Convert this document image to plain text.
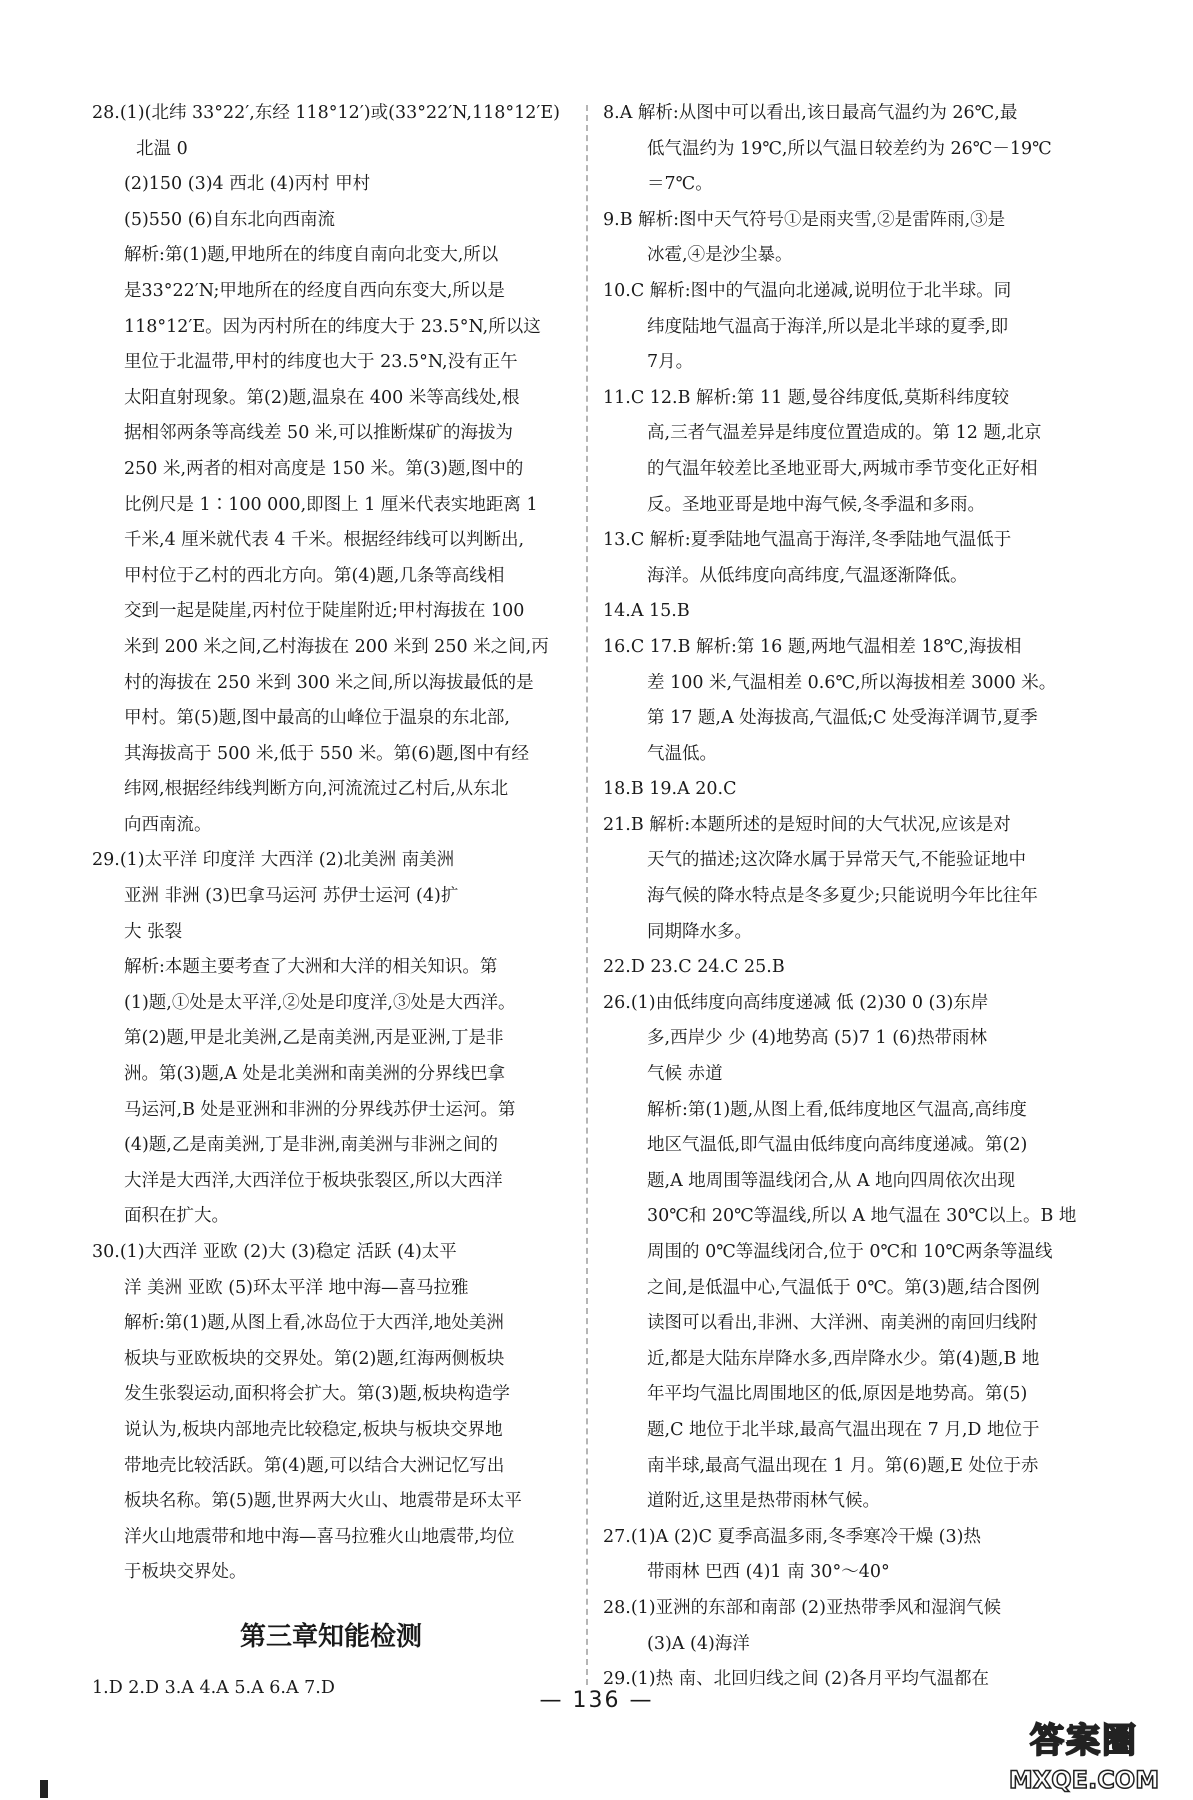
28.(1)(北纬 33°22′,东经 118°12′)或(33°22′N,118°12′E)
北温 0
(2)150 (3)4 西北 (4)丙村 甲村
(5)550 (6)自东北向西南流
解析:第(1)题,甲地所在的纬度自南向北变大,所以
是33°22′N;甲地所在的经度自西向东变大,所以是
118°12′E。因为丙村所在的纬度大于 23.5°N,所以这
里位于北温带,甲村的纬度也大于 23.5°N,没有正午
太阳直射现象。第(2)题,温泉在 400 米等高线处,根
据相邻两条等高线差 50 米,可以推断煤矿的海拔为
250 米,两者的相对高度是 150 米。第(3)题,图中的
比例尺是 1∶100 000,即图上 1 厘米代表实地距离 1
千米,4 厘米就代表 4 千米。根据经纬线可以判断出,
甲村位于乙村的西北方向。第(4)题,几条等高线相
交到一起是陡崖,丙村位于陡崖附近;甲村海拔在 100
米到 200 米之间,乙村海拔在 200 米到 250 米之间,丙
村的海拔在 250 米到 300 米之间,所以海拔最低的是
甲村。第(5)题,图中最高的山峰位于温泉的东北部,
其海拔高于 500 米,低于 550 米。第(6)题,图中有经
纬网,根据经纬线判断方向,河流流过乙村后,从东北
向西南流。
29.(1)太平洋 印度洋 大西洋 (2)北美洲 南美洲
亚洲 非洲 (3)巴拿马运河 苏伊士运河 (4)扩
大 张裂
解析:本题主要考查了大洲和大洋的相关知识。第
(1)题,①处是太平洋,②处是印度洋,③处是大西洋。
第(2)题,甲是北美洲,乙是南美洲,丙是亚洲,丁是非
洲。第(3)题,A 处是北美洲和南美洲的分界线巴拿
马运河,B 处是亚洲和非洲的分界线苏伊士运河。第
(4)题,乙是南美洲,丁是非洲,南美洲与非洲之间的
大洋是大西洋,大西洋位于板块张裂区,所以大西洋
面积在扩大。
30.(1)大西洋 亚欧 (2)大 (3)稳定 活跃 (4)太平
洋 美洲 亚欧 (5)环太平洋 地中海—喜马拉雅
解析:第(1)题,从图上看,冰岛位于大西洋,地处美洲
板块与亚欧板块的交界处。第(2)题,红海两侧板块
发生张裂运动,面积将会扩大。第(3)题,板块构造学
说认为,板块内部地壳比较稳定,板块与板块交界地
带地壳比较活跃。第(4)题,可以结合大洲记忆写出
板块名称。第(5)题,世界两大火山、地震带是环太平
洋火山地震带和地中海—喜马拉雅火山地震带,均位
于板块交界处。
第三章知能检测
1.D 2.D 3.A 4.A 5.A 6.A 7.D
8.A 解析:从图中可以看出,该日最高气温约为 26℃,最
低气温约为 19℃,所以气温日较差约为 26℃－19℃
＝7℃。
9.B 解析:图中天气符号①是雨夹雪,②是雷阵雨,③是
冰雹,④是沙尘暴。
10.C 解析:图中的气温向北递减,说明位于北半球。同
纬度陆地气温高于海洋,所以是北半球的夏季,即
7月。
11.C 12.B 解析:第 11 题,曼谷纬度低,莫斯科纬度较
高,三者气温差异是纬度位置造成的。第 12 题,北京
的气温年较差比圣地亚哥大,两城市季节变化正好相
反。圣地亚哥是地中海气候,冬季温和多雨。
13.C 解析:夏季陆地气温高于海洋,冬季陆地气温低于
海洋。从低纬度向高纬度,气温逐渐降低。
14.A 15.B
16.C 17.B 解析:第 16 题,两地气温相差 18℃,海拔相
差 100 米,气温相差 0.6℃,所以海拔相差 3000 米。
第 17 题,A 处海拔高,气温低;C 处受海洋调节,夏季
气温低。
18.B 19.A 20.C
21.B 解析:本题所述的是短时间的大气状况,应该是对
天气的描述;这次降水属于异常天气,不能验证地中
海气候的降水特点是冬多夏少;只能说明今年比往年
同期降水多。
22.D 23.C 24.C 25.B
26.(1)由低纬度向高纬度递减 低 (2)30 0 (3)东岸
多,西岸少 少 (4)地势高 (5)7 1 (6)热带雨林
气候 赤道
解析:第(1)题,从图上看,低纬度地区气温高,高纬度
地区气温低,即气温由低纬度向高纬度递减。第(2)
题,A 地周围等温线闭合,从 A 地向四周依次出现
30℃和 20℃等温线,所以 A 地气温在 30℃以上。B 地
周围的 0℃等温线闭合,位于 0℃和 10℃两条等温线
之间,是低温中心,气温低于 0℃。第(3)题,结合图例
读图可以看出,非洲、大洋洲、南美洲的南回归线附
近,都是大陆东岸降水多,西岸降水少。第(4)题,B 地
年平均气温比周围地区的低,原因是地势高。第(5)
题,C 地位于北半球,最高气温出现在 7 月,D 地位于
南半球,最高气温出现在 1 月。第(6)题,E 处位于赤
道附近,这里是热带雨林气候。
27.(1)A (2)C 夏季高温多雨,冬季寒冷干燥 (3)热
带雨林 巴西 (4)1 南 30°～40°
28.(1)亚洲的东部和南部 (2)亚热带季风和湿润气候
(3)A (4)海洋
29.(1)热 南、北回归线之间 (2)各月平均气温都在
— 136 —
答案圈
MXQE.COM
